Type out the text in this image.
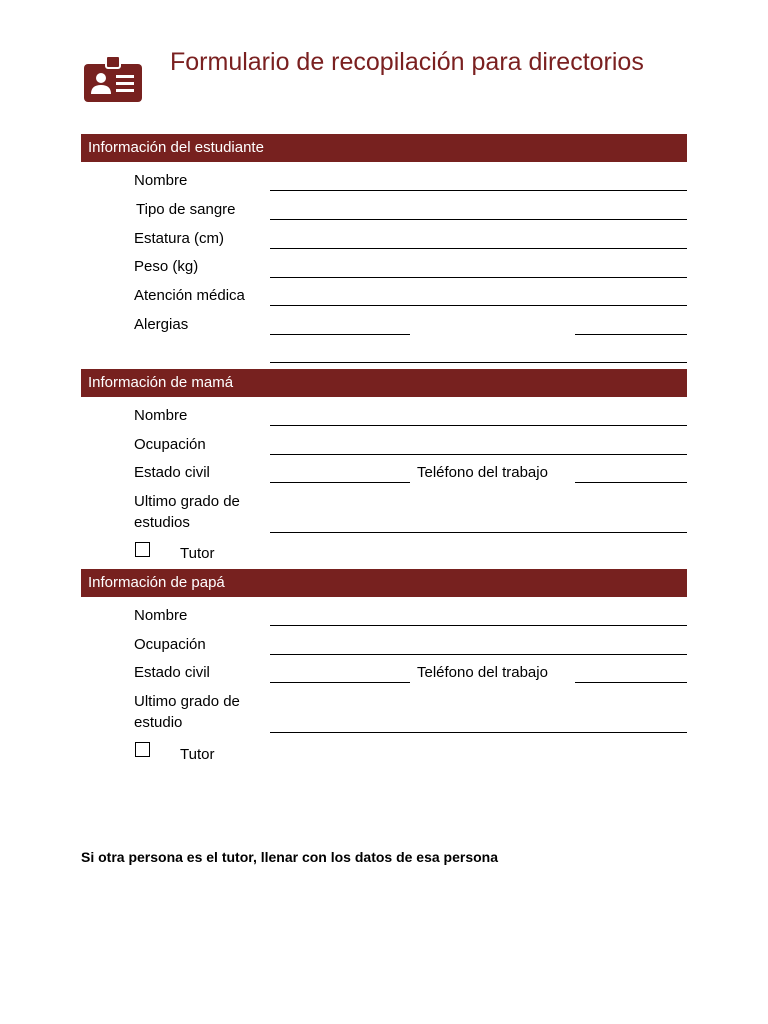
Formulario de recopilación para directorios
Información del estudiante
Nombre
Tipo de sangre
Estatura (cm)
Peso (kg)
Atención médica
Alergias
Información de mamá
Nombre
Ocupación
Estado civil	Teléfono del trabajo
Ultimo grado de
estudios
Tutor
Información de papá
Nombre
Ocupación
Estado civil	Teléfono del trabajo
Ultimo grado de
estudio
Tutor
Si otra persona es el tutor, llenar con los datos de esa persona
